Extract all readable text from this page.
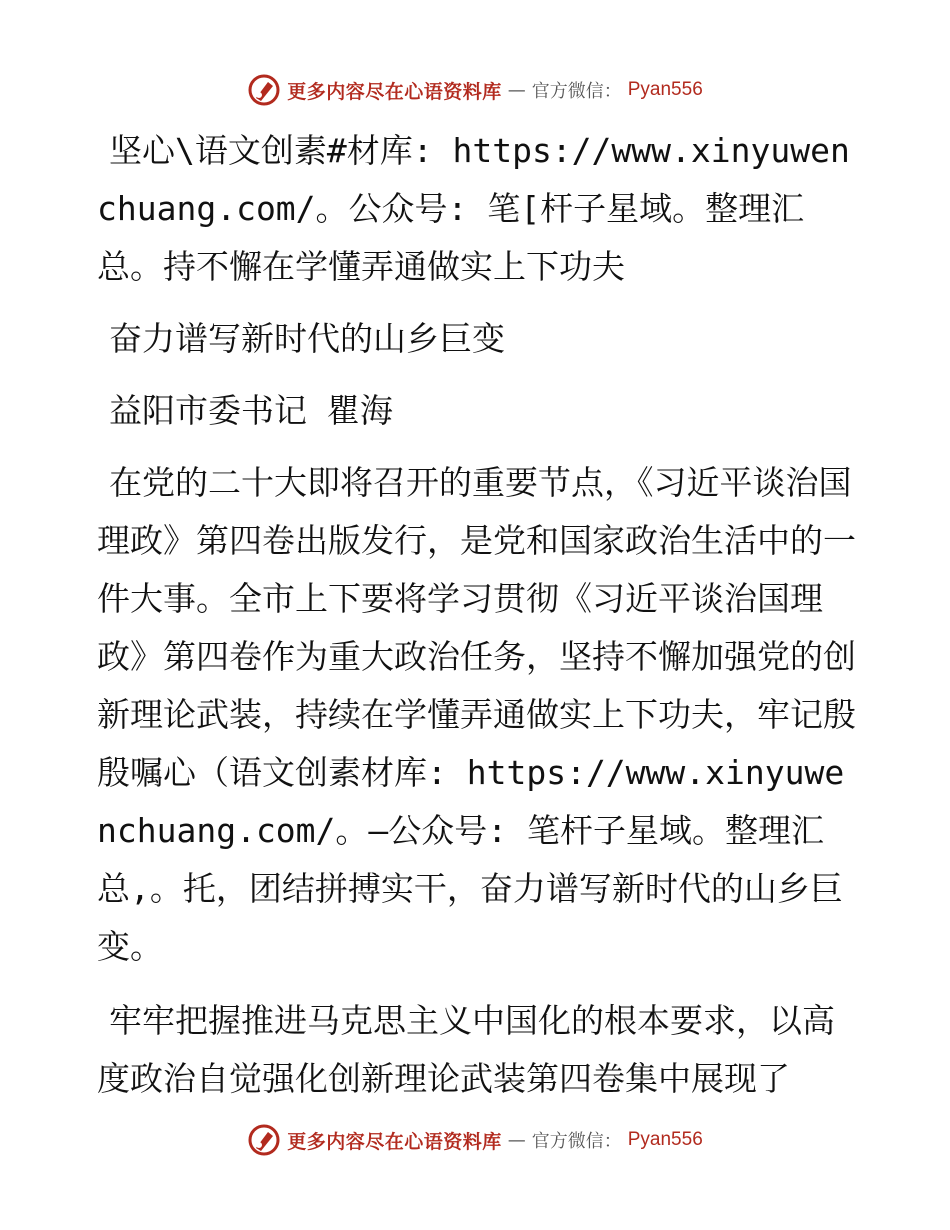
更多内容尽在心语资料库 — 官方微信： Pyan556

坚心\语文创素#材库: https://www.xinyuwenchuang.com/。公众号: 笔[杆子星域。整理汇总。持不懈在学懂弄通做实上下功夫

奋力谱写新时代的山乡巨变

益阳市委书记 瞿海

在党的二十大即将召开的重要节点，《习近平谈治国理政》第四卷出版发行，是党和国家政治生活中的一件大事。全市上下要将学习贯彻《习近平谈治国理政》第四卷作为重大政治任务，坚持不懈加强党的创新理论武装，持续在学懂弄通做实上下功夫，牢记殷殷嘱心（语文创素材库: https://www.xinyuwenchuang.com/。—公众号: 笔杆子星域。整理汇总,。托，团结拼搏实干，奋力谱写新时代的山乡巨变。

牢牢把握推进马克思主义中国化的根本要求，以高度政治自觉强化创新理论武装第四卷集中展现了

更多内容尽在心语资料库 — 官方微信： Pyan556
